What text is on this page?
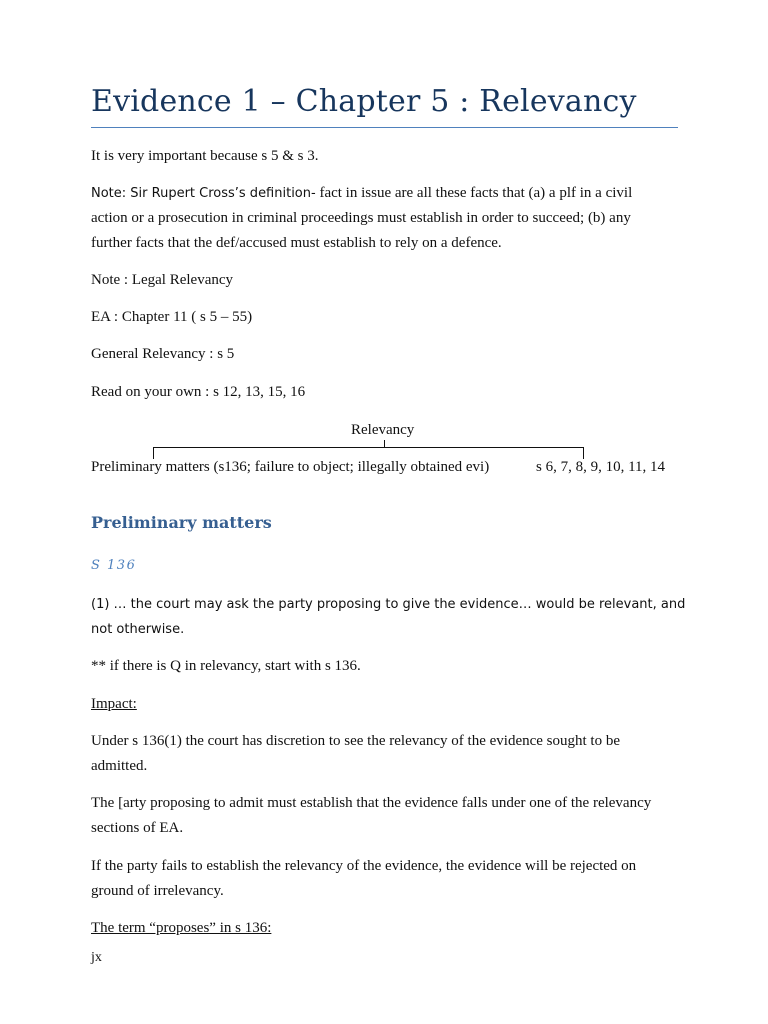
Evidence 1 – Chapter 5 : Relevancy
It is very important because s 5 & s 3.
Note: Sir Rupert Cross’s definition- fact in issue are all these facts that (a) a plf in a civil
action or a prosecution in criminal proceedings must establish in order to succeed; (b) any
further facts that the def/accused must establish to rely on a defence.
Note : Legal Relevancy
EA : Chapter 11 ( s 5 – 55)
General Relevancy : s 5
Read on your own : s 12, 13, 15, 16
Relevancy
Preliminary matters (s136; failure to object; illegally obtained evi)	s 6, 7, 8, 9, 10, 11, 14
Preliminary matters
S 136
(1) … the court may ask the party proposing to give the evidence… would be relevant, and
not otherwise.
** if there is Q in relevancy, start with s 136.
Impact:
Under s 136(1) the court has discretion to see the relevancy of the evidence sought to be
admitted.
The [arty proposing to admit must establish that the evidence falls under one of the relevancy
sections of EA.
If the party fails to establish the relevancy of the evidence, the evidence will be rejected on
ground of irrelevancy.
The term “proposes” in s 136:
jx
